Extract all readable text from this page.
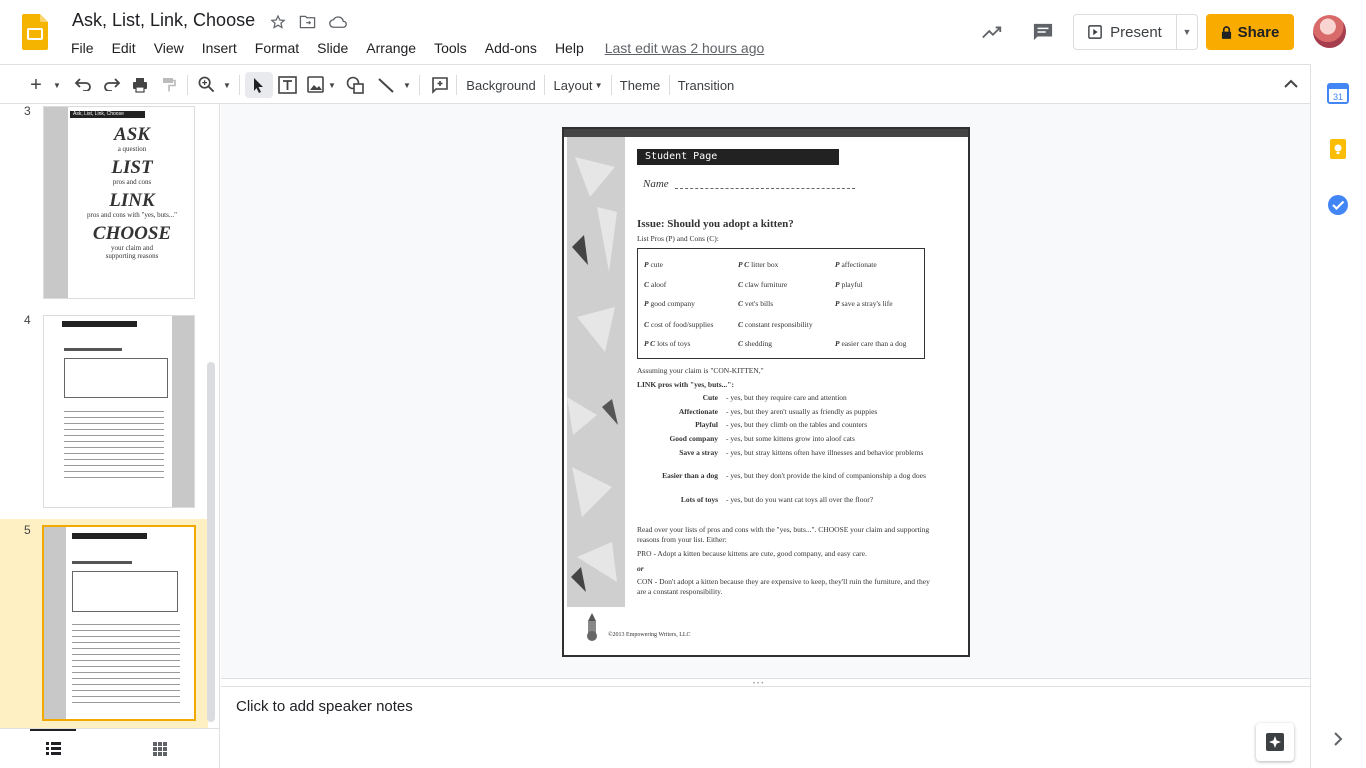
Ask, List, Link, Choose
File	Edit	View	Insert	Format	Slide	Arrange	Tools	Add-ons	Help	Last edit was 2 hours ago
Present ▼	Share
+	▼	▼	▼	▼	Background Layout ▼ Theme Transition
3	Ask, List, Link, Choose
ASK
a question
LIST
pros and cons
LINK
pros and cons with "yes, buts..."
CHOOSE
your claim and supporting reasons
4
5
Student Page
Name
Issue: Should you adopt a kitten?
List Pros (P) and Cons (C):
P cute	P C litter box	P affectionate
C aloof	C claw furniture	P playful
P good company	C vet's bills	P save a stray's life
C cost of food/supplies	C constant responsibility
P C lots of toys	C shedding	P easier care than a dog
Assuming your claim is "CON-KITTEN,"
LINK pros with "yes, buts...":
Cute - yes, but they require care and attention
Affectionate - yes, but they aren't usually as friendly as puppies
Playful - yes, but they climb on the tables and counters
Good company - yes, but some kittens grow into aloof cats
Save a stray - yes, but stray kittens often have illnesses and behavior problems
Easier than a dog - yes, but they don't provide the kind of companionship a dog does
Lots of toys - yes, but do you want cat toys all over the floor?
Read over your lists of pros and cons with the "yes, buts...". CHOOSE your claim and supporting reasons from your list. Either:
PRO - Adopt a kitten because kittens are cute, good company, and easy care.
or
CON - Don't adopt a kitten because they are expensive to keep, they'll ruin the furniture, and they are a constant responsibility.
©2013 Empowering Writers, LLC
•••
Click to add speaker notes
31
